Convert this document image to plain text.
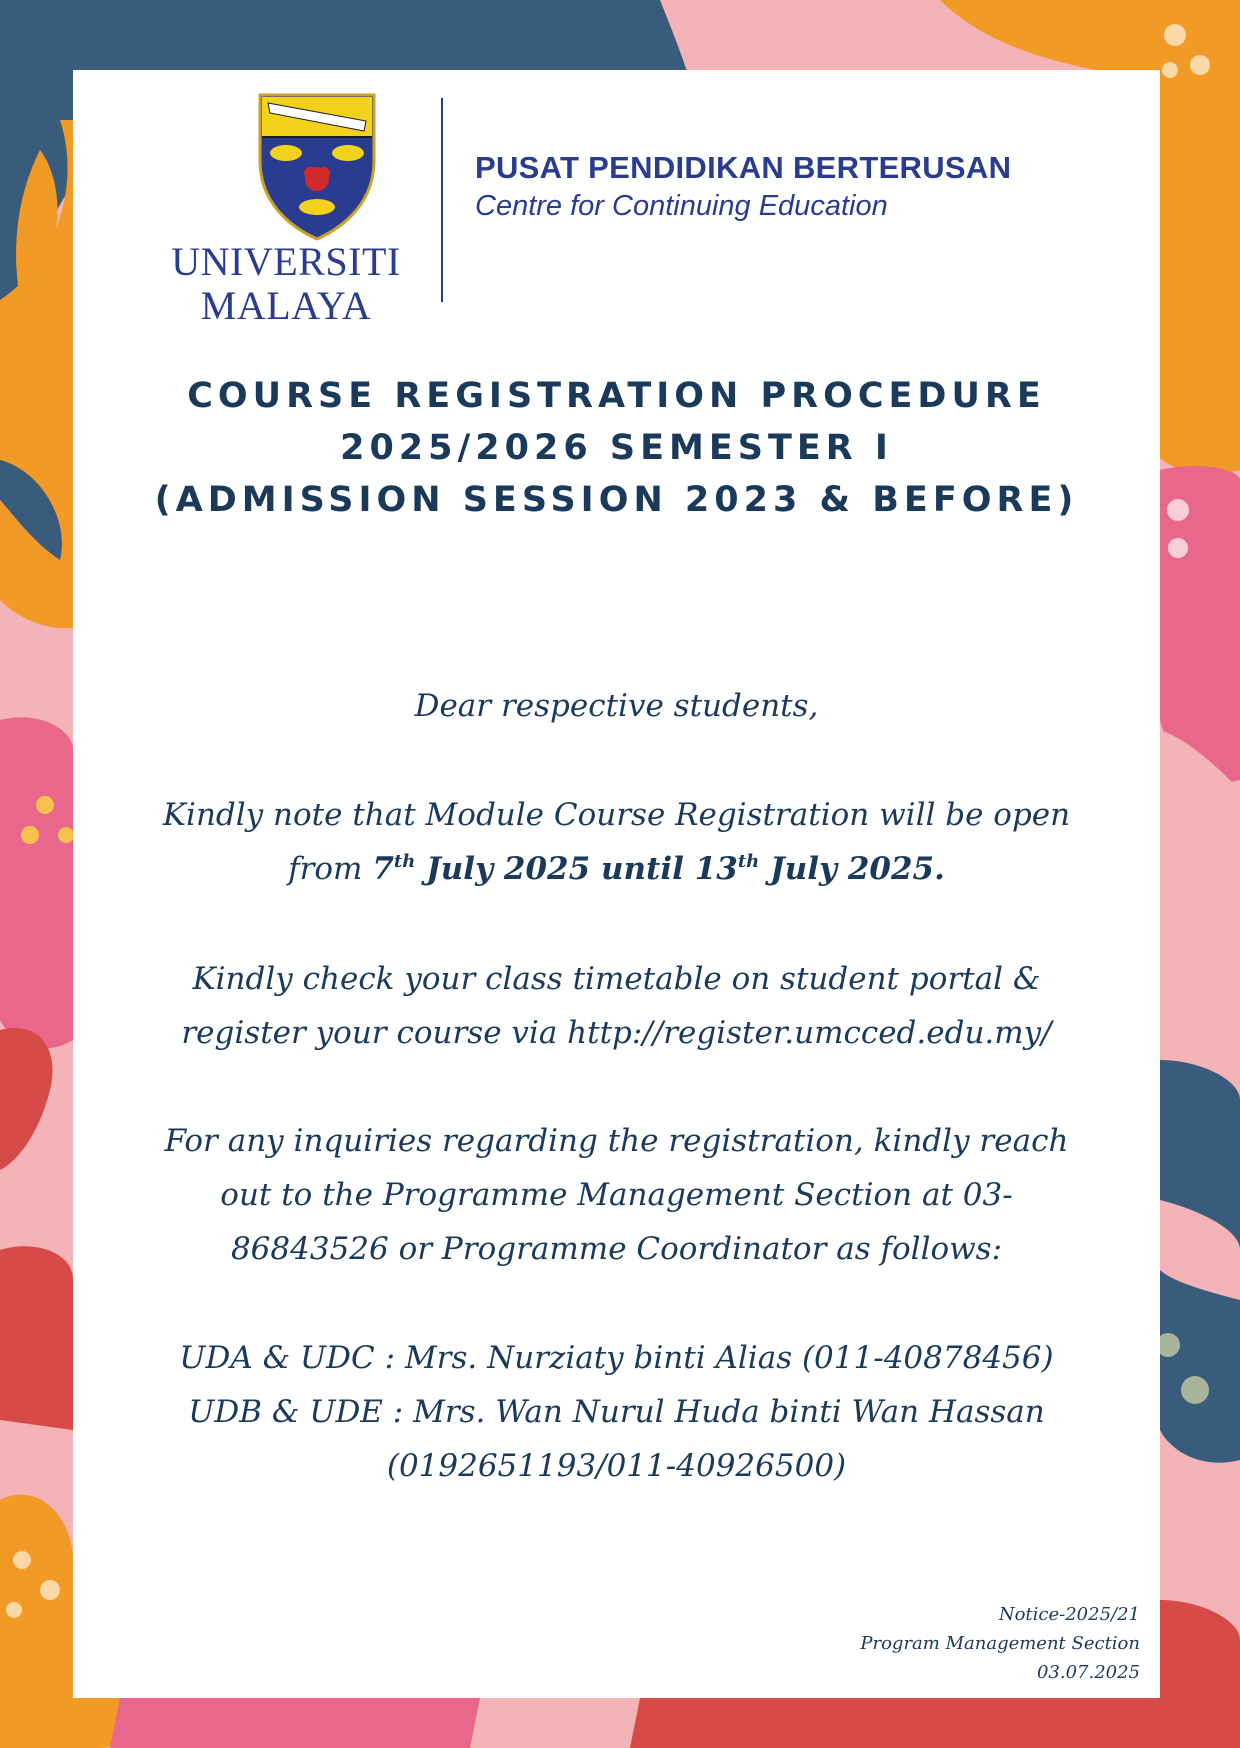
UNIVERSITI
MALAYA
PUSAT PENDIDIKAN BERTERUSAN
Centre for Continuing Education
COURSE REGISTRATION PROCEDURE
2025/2026 SEMESTER I
(ADMISSION SESSION 2023 & BEFORE)
Dear respective students,
Kindly note that Module Course Registration will be open
from 7th July 2025 until 13th July 2025.
Kindly check your class timetable on student portal &
register your course via http://register.umcced.edu.my/
For any inquiries regarding the registration, kindly reach
out to the Programme Management Section at 03-
86843526 or Programme Coordinator as follows:
UDA & UDC : Mrs. Nurziaty binti Alias (011-40878456)
UDB & UDE : Mrs. Wan Nurul Huda binti Wan Hassan
(0192651193/011-40926500)
Notice-2025/21
Program Management Section
03.07.2025
